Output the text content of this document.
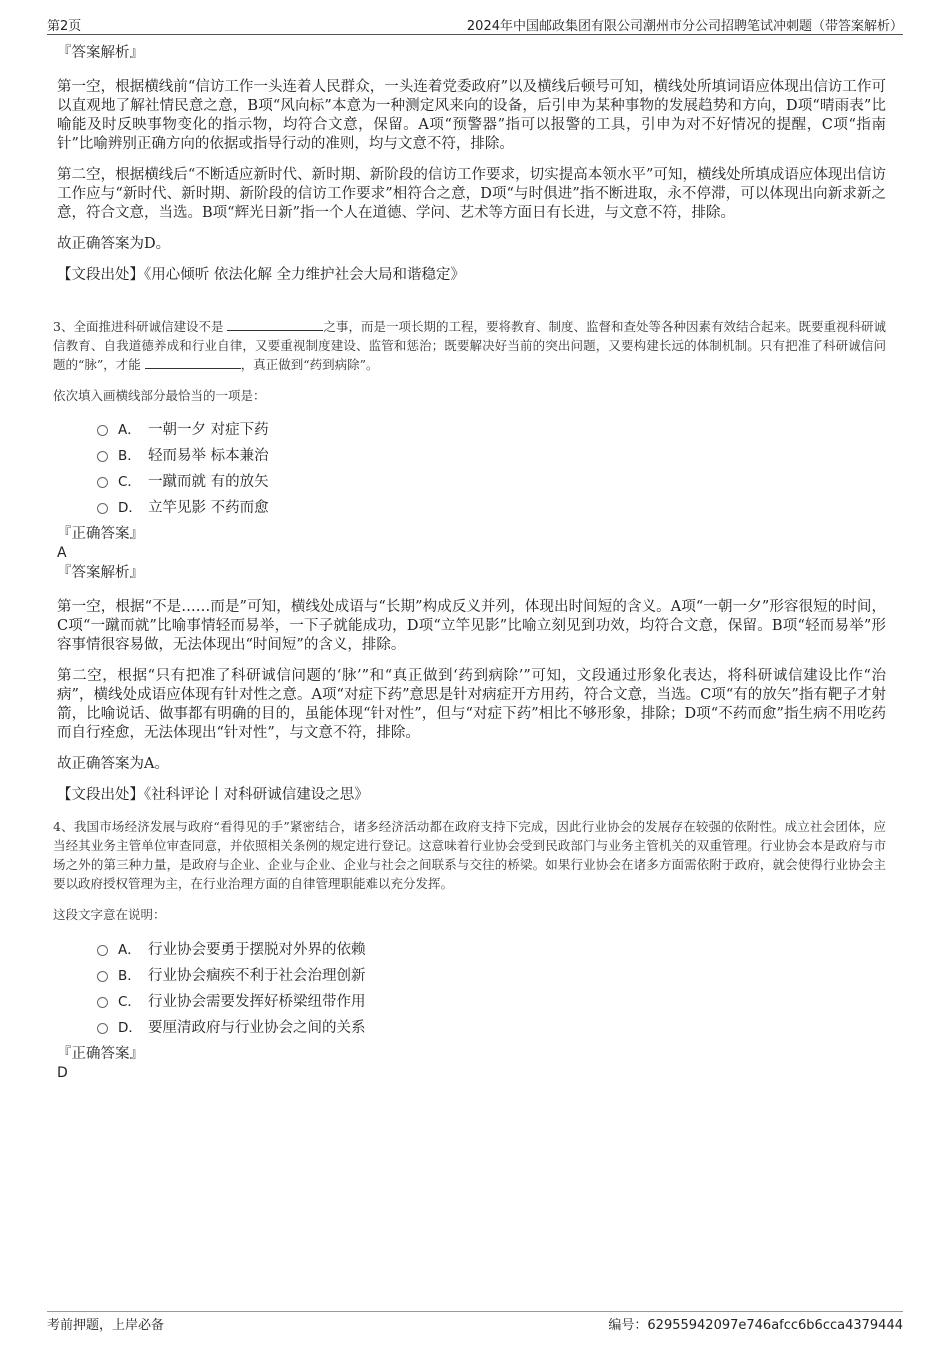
第2页	2024年中国邮政集团有限公司潮州市分公司招聘笔试冲刺题（带答案解析）

『答案解析』

第一空，根据横线前“信访工作一头连着人民群众，一头连着党委政府”以及横线后顿号可知，横线处所填词语应体现出信访工作可以直观地了解社情民意之意，B项“风向标”本意为一种测定风来向的设备，后引申为某种事物的发展趋势和方向，D项“晴雨表”比喻能及时反映事物变化的指示物，均符合文意，保留。A项“预警器”指可以报警的工具，引申为对不好情况的提醒，C项“指南针”比喻辨别正确方向的依据或指导行动的准则，均与文意不符，排除。

第二空，根据横线后“不断适应新时代、新时期、新阶段的信访工作要求，切实提高本领水平”可知，横线处所填成语应体现出信访工作应与“新时代、新时期、新阶段的信访工作要求”相符合之意，D项“与时俱进”指不断进取，永不停滞，可以体现出向新求新之意，符合文意，当选。B项“辉光日新”指一个人在道德、学问、艺术等方面日有长进，与文意不符，排除。

故正确答案为D。

【文段出处】《用心倾听 依法化解 全力维护社会大局和谐稳定》

3、全面推进科研诚信建设不是	之事，而是一项长期的工程，要将教育、制度、监督和查处等各种因素有效结合起来。既要重视科研诚信教育、自我道德养成和行业自律，又要重视制度建设、监管和惩治；既要解决好当前的突出问题，又要构建长远的体制机制。只有把准了科研诚信问题的“脉”，才能	，真正做到“药到病除”。

依次填入画横线部分最恰当的一项是：

A． 一朝一夕 对症下药
B． 轻而易举 标本兼治
C． 一蹴而就 有的放矢
D． 立竿见影 不药而愈

『正确答案』

A

『答案解析』

第一空，根据“不是……而是”可知，横线处成语与“长期”构成反义并列，体现出时间短的含义。A项“一朝一夕”形容很短的时间，C项“一蹴而就”比喻事情轻而易举，一下子就能成功，D项“立竿见影”比喻立刻见到功效，均符合文意，保留。B项“轻而易举”形容事情很容易做，无法体现出“时间短”的含义，排除。

第二空，根据“只有把准了科研诚信问题的‘脉’”和“真正做到‘药到病除’”可知，文段通过形象化表达，将科研诚信建设比作“治病”，横线处成语应体现有针对性之意。A项“对症下药”意思是针对病症开方用药，符合文意，当选。C项“有的放矢”指有靶子才射箭，比喻说话、做事都有明确的目的，虽能体现“针对性”，但与“对症下药”相比不够形象，排除；D项“不药而愈”指生病不用吃药而自行痊愈，无法体现出“针对性”，与文意不符，排除。

故正确答案为A。

【文段出处】《社科评论丨对科研诚信建设之思》

4、我国市场经济发展与政府“看得见的手”紧密结合，诸多经济活动都在政府支持下完成，因此行业协会的发展存在较强的依附性。成立社会团体，应当经其业务主管单位审查同意，并依照相关条例的规定进行登记。这意味着行业协会受到民政部门与业务主管机关的双重管理。行业协会本是政府与市场之外的第三种力量，是政府与企业、企业与企业、企业与社会之间联系与交往的桥梁。如果行业协会在诸多方面需依附于政府，就会使得行业协会主要以政府授权管理为主，在行业治理方面的自律管理职能难以充分发挥。

这段文字意在说明：

A． 行业协会要勇于摆脱对外界的依赖
B． 行业协会痼疾不利于社会治理创新
C． 行业协会需要发挥好桥梁纽带作用
D． 要厘清政府与行业协会之间的关系

『正确答案』

D

考前押题，上岸必备	编号：62955942097e746afcc6b6cca4379444
